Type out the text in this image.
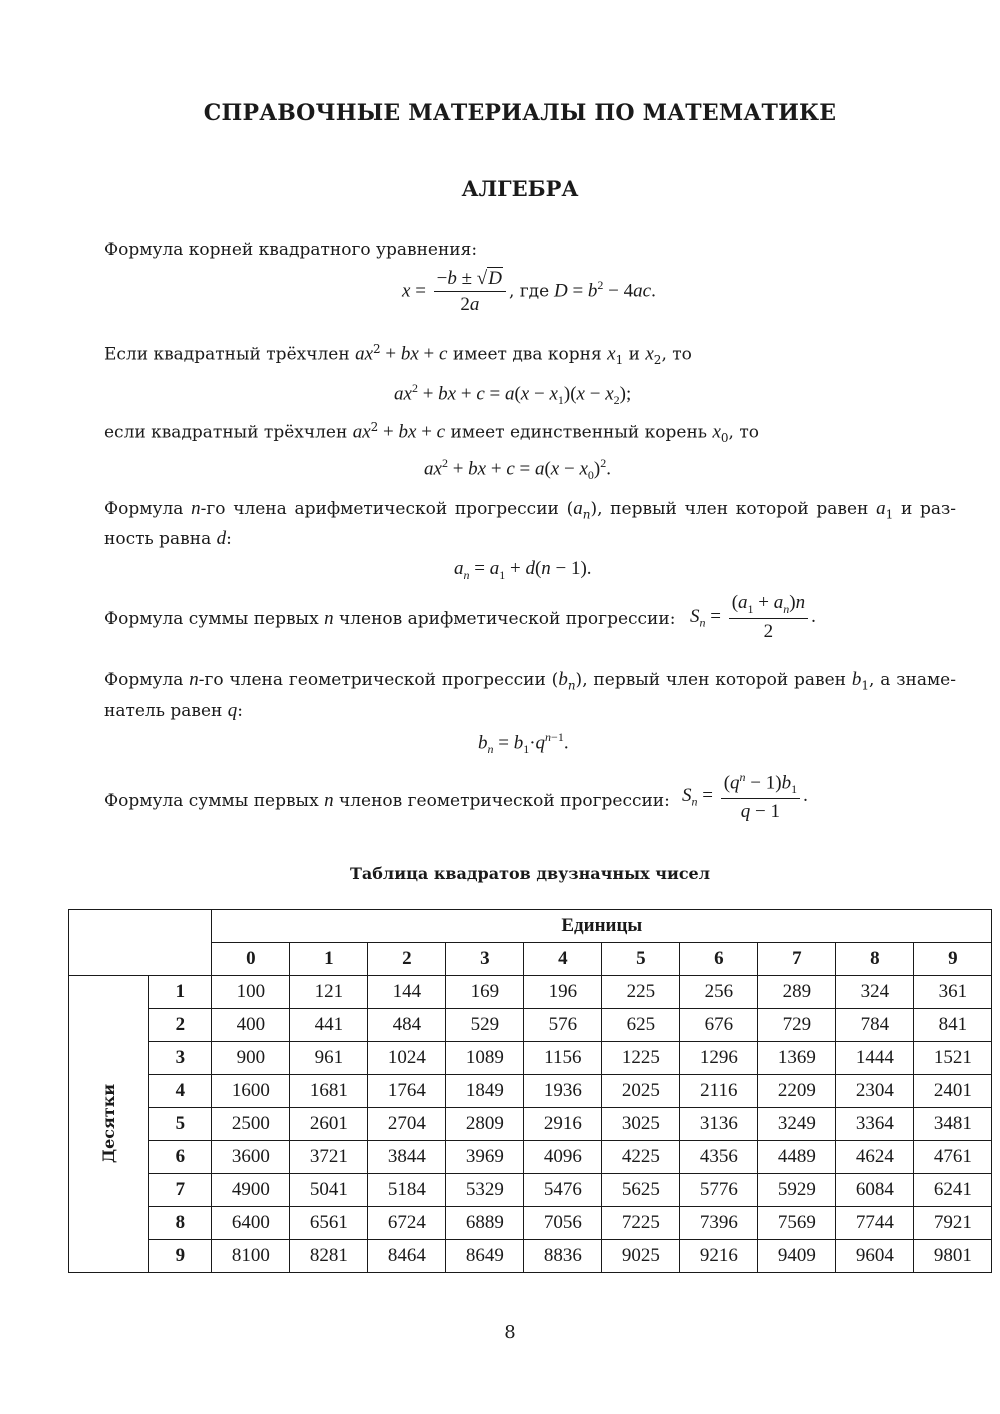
СПРАВОЧНЫЕ МАТЕРИАЛЫ ПО МАТЕМАТИКЕ
АЛГЕБРА
Формула корней квадратного уравнения:
$x = \frac{-b \pm √D}{2a}$ , где $D = b^2 - 4ac$.
Если квадратный трёхчлен $ax^2$ + bx + c имеет два корня $x_1$ и $x_2$, то
$ax^2$ + bx + $c = a(x - x_1)(x - x_2)$;
если квадратный трёхчлен $ax^2$ + bx + c имеет единственный корень $x_0$, то
$ax^2$ + bx + $c = a(x - x_0)^2$.
Формула n-го члена арифметической прогрессии $(a_n)$, первый член которой равен $a_1$ и раз-
ность равна d:
$a_n = a_1 + d(n - 1)$.
Формула суммы первых n членов арифметической прогрессии: $S_n = \frac{(a_1 + a_n)n}{2}$ .
Формула n-го члена геометрической прогрессии $(b_n)$, первый член которой равен $b_1$, а знаме-
натель равен q:
$b_n = b_1\cdot q^{n-1}$.
Формула суммы первых n членов геометрической прогрессии: $S_n = \frac{(q^n - 1)b_1}{q - 1}$ .
Таблица квадратов двузначных чисел
		Единицы									
		0	1	2	3	4	5	6	7	8	9
Десятки	1	100	121	144	169	196	225	256	289	324	361
	2	400	441	484	529	576	625	676	729	784	841
	3	900	961	1024	1089	1156	1225	1296	1369	1444	1521
	4	1600	1681	1764	1849	1936	2025	2116	2209	2304	2401
	5	2500	2601	2704	2809	2916	3025	3136	3249	3364	3481
	6	3600	3721	3844	3969	4096	4225	4356	4489	4624	4761
	7	4900	5041	5184	5329	5476	5625	5776	5929	6084	6241
	8	6400	6561	6724	6889	7056	7225	7396	7569	7744	7921
	9	8100	8281	8464	8649	8836	9025	9216	9409	9604	9801
8
